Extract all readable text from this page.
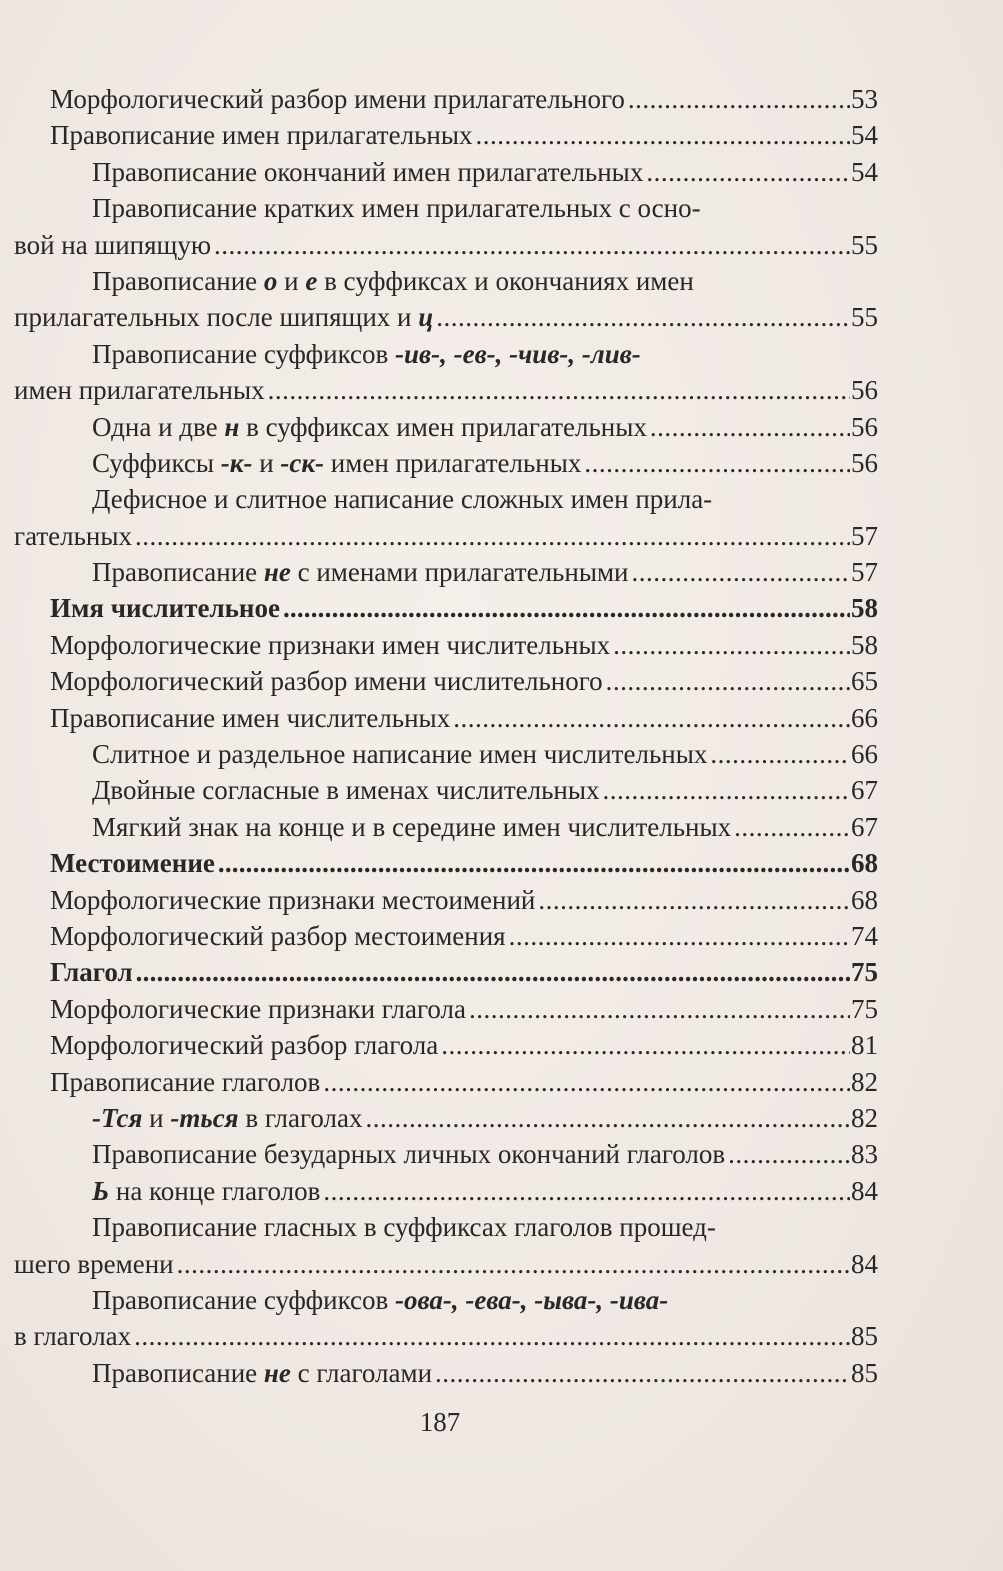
Морфологический разбор имени прилагательного .....	53
Правописание имен прилагательных .....	54
Правописание окончаний имен прилагательных .....	54
Правописание кратких имен прилагательных с осно-
вой на шипящую .....	55
Правописание о и е в суффиксах и окончаниях имен
прилагательных после шипящих и ц .....	55
Правописание суффиксов -ив-, -ев-, -чив-, -лив-
имен прилагательных .....	56
Одна и две н в суффиксах имен прилагательных .....	56
Суффиксы -к- и -ск- имен прилагательных .....	56
Дефисное и слитное написание сложных имен прила-
гательных .....	57
Правописание не с именами прилагательными .....	57
Имя числительное .....	58
Морфологические признаки имен числительных .....	58
Морфологический разбор имени числительного .....	65
Правописание имен числительных .....	66
Слитное и раздельное написание имен числительных .....	66
Двойные согласные в именах числительных .....	67
Мягкий знак на конце и в середине имен числительных .....	67
Местоимение .....	68
Морфологические признаки местоимений .....	68
Морфологический разбор местоимения .....	74
Глагол .....	75
Морфологические признаки глагола .....	75
Морфологический разбор глагола .....	81
Правописание глаголов .....	82
-Тся и -ться в глаголах .....	82
Правописание безударных личных окончаний глаголов .....	83
Ь на конце глаголов .....	84
Правописание гласных в суффиксах глаголов прошед-
шего времени .....	84
Правописание суффиксов -ова-, -ева-, -ыва-, -ива-
в глаголах .....	85
Правописание не с глаголами .....	85
187
